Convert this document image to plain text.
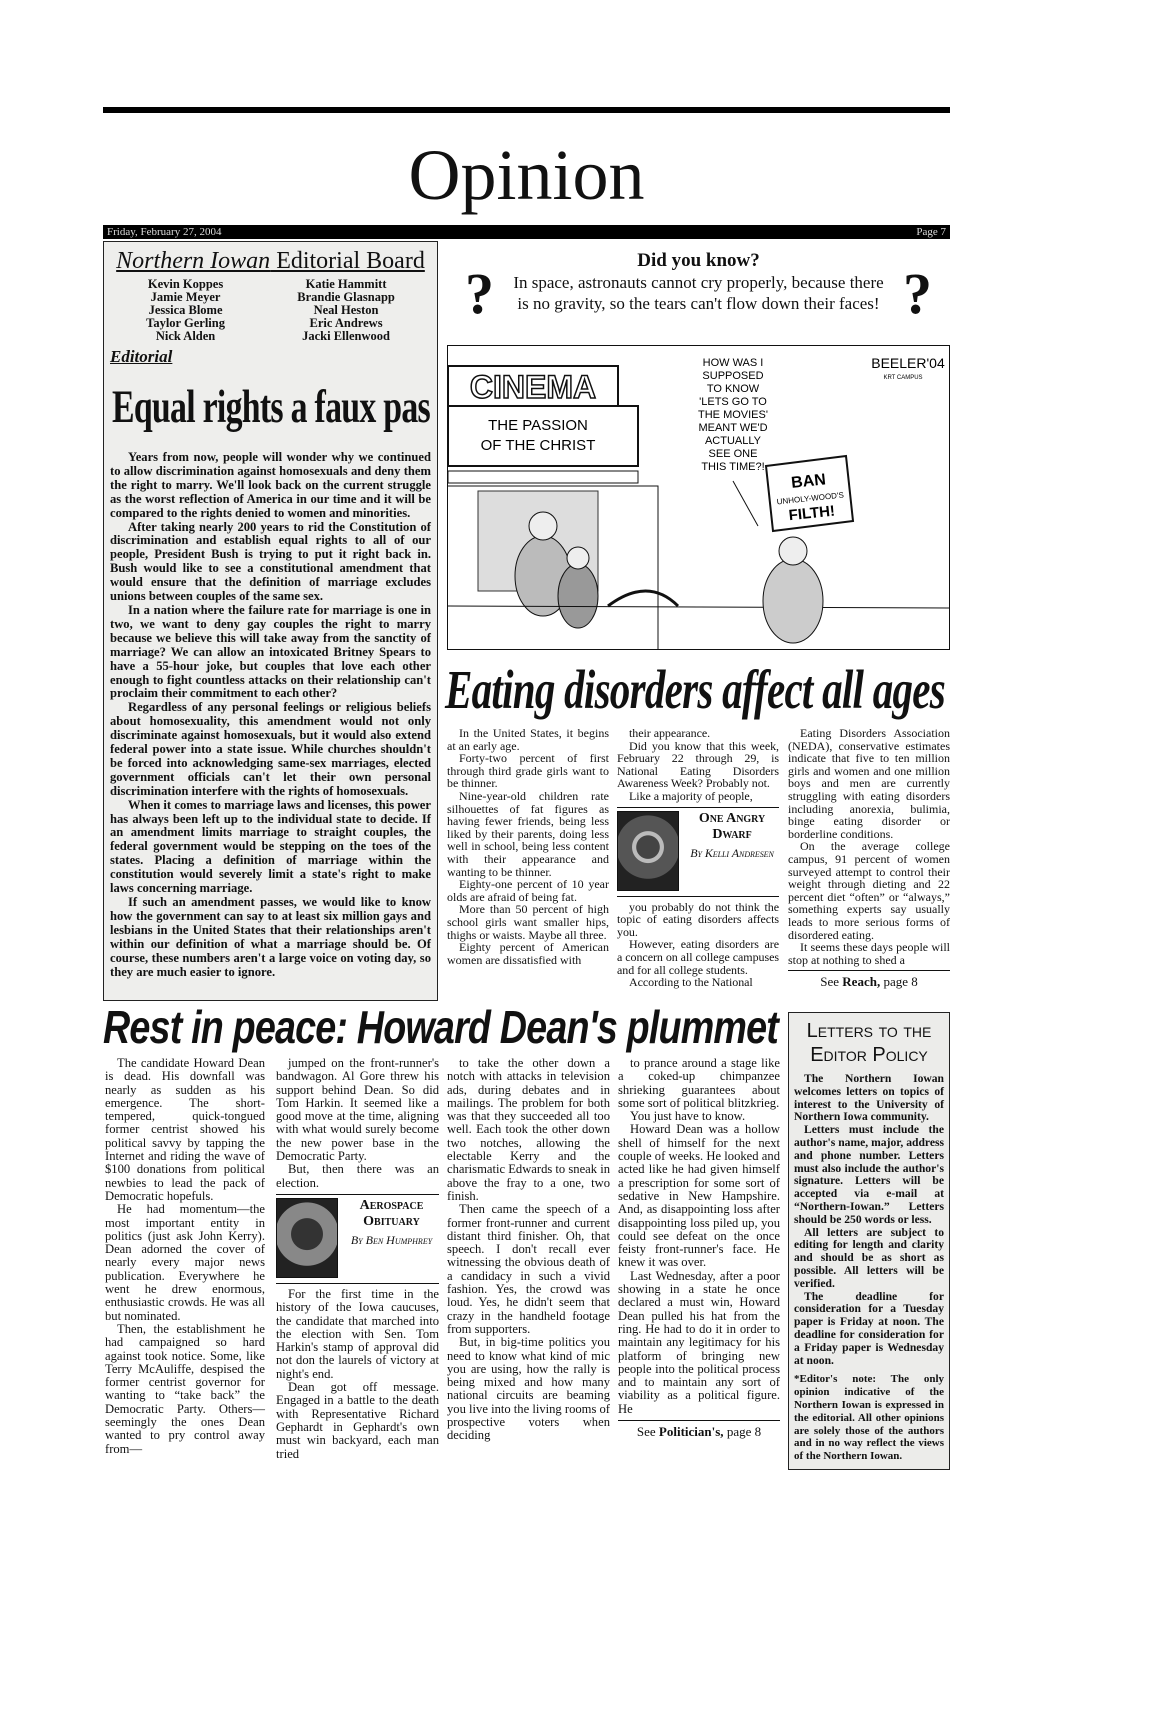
Opinion
Friday, February 27, 2004	Page 7
Northern Iowan Editorial Board
Kevin Koppes
Jamie Meyer
Jessica Blome
Taylor Gerling
Nick Alden
Katie Hammitt
Brandie Glasnapp
Neal Heston
Eric Andrews
Jacki Ellenwood
Editorial
Equal rights a faux pas

Years from now, people will wonder why we continued to allow discrimination against homosexuals and deny them the right to marry. We'll look back on the current struggle as the worst reflection of America in our time and it will be compared to the rights denied to women and minorities.

After taking nearly 200 years to rid the Constitution of discrimination and establish equal rights to all of our people, President Bush is trying to put it right back in. Bush would like to see a constitutional amendment that would ensure that the definition of marriage excludes unions between couples of the same sex.

In a nation where the failure rate for marriage is one in two, we want to deny gay couples the right to marry because we believe this will take away from the sanctity of marriage? We can allow an intoxicated Britney Spears to have a 55-hour joke, but couples that love each other enough to fight countless attacks on their relationship can't proclaim their commitment to each other?

Regardless of any personal feelings or religious beliefs about homosexuality, this amendment would not only discriminate against homosexuals, but it would also extend federal power into a state issue. While churches shouldn't be forced into acknowledging same-sex marriages, elected government officials can't let their own personal discrimination interfere with the rights of homosexuals.

When it comes to marriage laws and licenses, this power has always been left up to the individual state to decide. If an amendment limits marriage to straight couples, the federal government would be stepping on the toes of the states. Placing a definition of marriage within the constitution would severely limit a state's right to make laws concerning marriage.

If such an amendment passes, we would like to know how the government can say to at least six million gays and lesbians in the United States that their relationships aren't within our definition of what a marriage should be. Of course, these numbers aren't a large voice on voting day, so they are much easier to ignore.

?	?
Did you know?
In space, astronauts cannot cry properly, because there is no gravity, so the tears can't flow down their faces!
CINEMA
THE PASSION
OF THE CHRIST
BAN
UNHOLY-WOOD'S
FILTH!
HOW WAS I
SUPPOSED
TO KNOW
'LETS GO TO
THE MOVIES'
MEANT WE'D
ACTUALLY
SEE ONE
THIS TIME?!
BEELER'04
KRT CAMPUS
Eating disorders affect all ages

In the United States, it begins at an early age.

Forty-two percent of first through third grade girls want to be thinner.

Nine-year-old children rate silhouettes of fat figures as having fewer friends, being less liked by their parents, doing less well in school, being less content with their appearance and wanting to be thinner.

Eighty-one percent of 10 year olds are afraid of being fat.

More than 50 percent of high school girls want smaller hips, thighs or waists. Maybe all three.

Eighty percent of American women are dissatisfied with

their appearance.

Did you know that this week, February 22 through 29, is National Eating Disorders Awareness Week? Probably not.

Like a majority of people,

One Angry Dwarf
By Kelli Andresen

you probably do not think the topic of eating disorders affects you.

However, eating disorders are a concern on all college campuses and for all college students.

According to the National

Eating Disorders Association (NEDA), conservative estimates indicate that five to ten million girls and women and one million boys and men are currently struggling with eating disorders including anorexia, bulimia, binge eating disorder or borderline conditions.

On the average college campus, 91 percent of women surveyed attempt to control their weight through dieting and 22 percent diet “often” or “always,” something experts say usually leads to more serious forms of disordered eating.

It seems these days people will stop at nothing to shed a

See Reach, page 8
Rest in peace: Howard Dean's plummet

The candidate Howard Dean is dead. His downfall was nearly as sudden as his emergence. The short-tempered, quick-tongued former centrist showed his political savvy by tapping the Internet and riding the wave of $100 donations from political newbies to lead the pack of Democratic hopefuls.

He had momentum—the most important entity in politics (just ask John Kerry). Dean adorned the cover of nearly every major news publication. Everywhere he went he drew enormous, enthusiastic crowds. He was all but nominated.

Then, the establishment he had campaigned so hard against took notice. Some, like Terry McAuliffe, despised the former centrist governor for wanting to “take back” the Democratic Party. Others—seemingly the ones Dean wanted to pry control away from—

jumped on the front-runner's bandwagon. Al Gore threw his support behind Dean. So did Tom Harkin. It seemed like a good move at the time, aligning with what would surely become the new power base in the Democratic Party.

But, then there was an election.

Aerospace Obituary
By Ben Humphrey

For the first time in the history of the Iowa caucuses, the candidate that marched into the election with Sen. Tom Harkin's stamp of approval did not don the laurels of victory at night's end.

Dean got off message. Engaged in a battle to the death with Representative Richard Gephardt in Gephardt's own must win backyard, each man tried

to take the other down a notch with attacks in television ads, during debates and in mailings. The problem for both was that they succeeded all too well. Each took the other down two notches, allowing the electable Kerry and the charismatic Edwards to sneak in above the fray to a one, two finish.

Then came the speech of a former front-runner and current distant third finisher. Oh, that speech. I don't recall ever witnessing the obvious death of a candidacy in such a vivid fashion. Yes, the crowd was loud. Yes, he didn't seem that crazy in the handheld footage from supporters.

But, in big-time politics you need to know what kind of mic you are using, how the rally is being mixed and how many national circuits are beaming you live into the living rooms of prospective voters when deciding

to prance around a stage like a coked-up chimpanzee shrieking guarantees about some sort of political blitzkrieg.

You just have to know.

Howard Dean was a hollow shell of himself for the next couple of weeks. He looked and acted like he had given himself a prescription for some sort of sedative in New Hampshire. And, as disappointing loss after disappointing loss piled up, you could see defeat on the once feisty front-runner's face. He knew it was over.

Last Wednesday, after a poor showing in a state he once declared a must win, Howard Dean pulled his hat from the ring. He had to do it in order to maintain any legitimacy for his platform of bringing new people into the political process and to maintain any sort of viability as a political figure. He

See Politician's, page 8
Letters to the Editor Policy

The Northern Iowan welcomes letters on topics of interest to the University of Northern Iowa community.

Letters must include the author's name, major, address and phone number. Letters must also include the author's signature. Letters will be accepted via e-mail at “Northern-Iowan.” Letters should be 250 words or less.

All letters are subject to editing for length and clarity and should be as short as possible. All letters will be verified.

The deadline for consideration for a Tuesday paper is Friday at noon. The deadline for consideration for a Friday paper is Wednesday at noon.

*Editor's note: The only opinion indicative of the Northern Iowan is expressed in the editorial. All other opinions are solely those of the authors and in no way reflect the views of the Northern Iowan.
